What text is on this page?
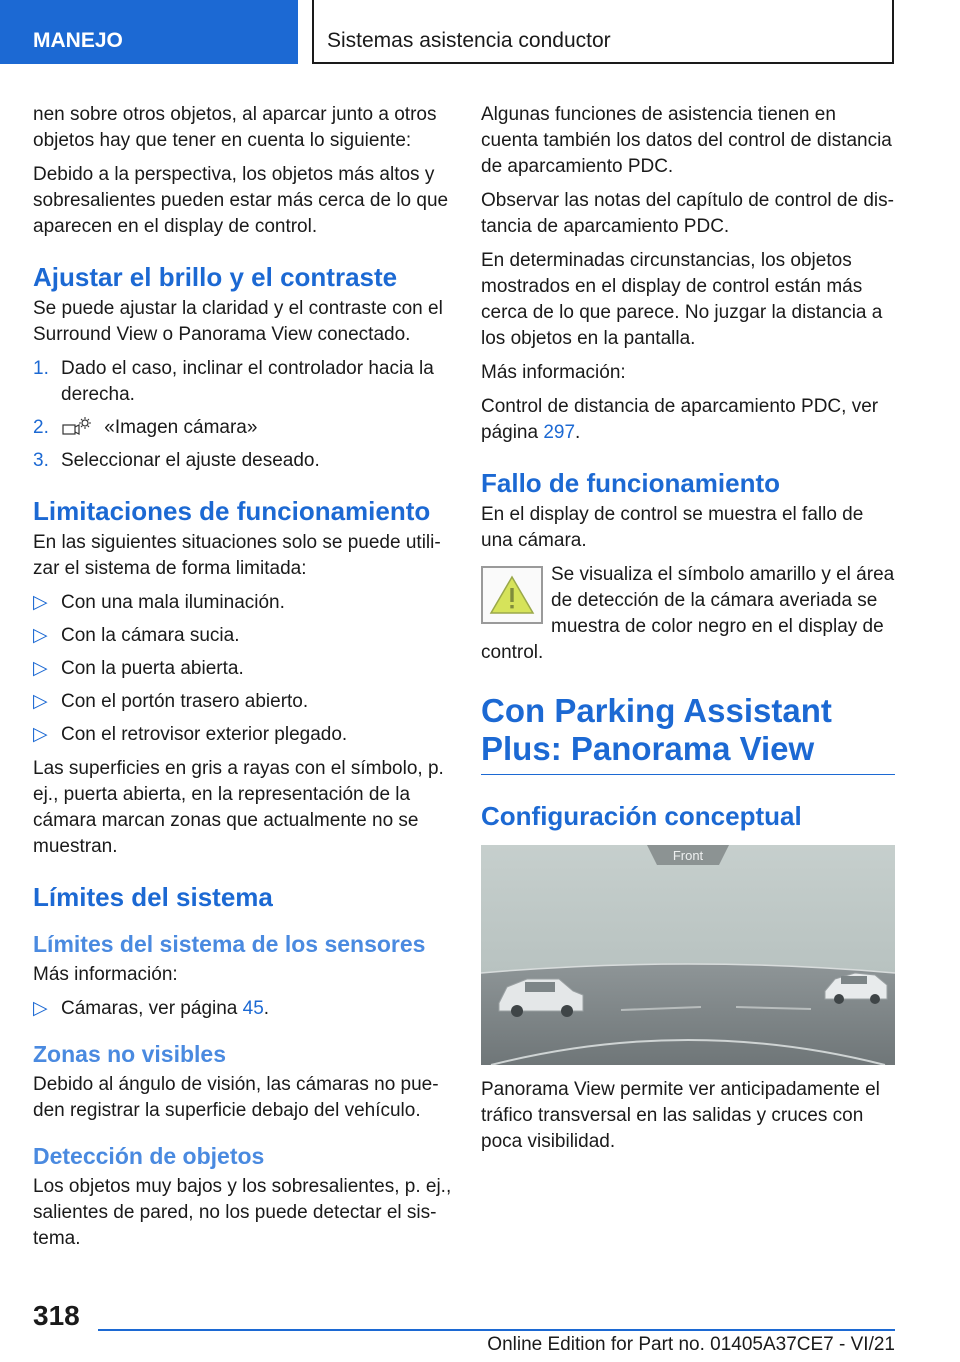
MANEJO	Sistemas asistencia conductor

nen sobre otros objetos, al aparcar junto a otros objetos hay que tener en cuenta lo siguiente:

Debido a la perspectiva, los objetos más altos y sobresalientes pueden estar más cerca de lo que aparecen en el display de control.

Ajustar el brillo y el contraste

Se puede ajustar la claridad y el contraste con el Surround View o Panorama View conectado.

1. Dado el caso, inclinar el controlador hacia la derecha.
2.	«Imagen cámara»
3. Seleccionar el ajuste deseado.
Limitaciones de funcionamiento

En las siguientes situaciones solo se puede utili‐zar el sistema de forma limitada:

▷ Con una mala iluminación.
▷ Con la cámara sucia.
▷ Con la puerta abierta.
▷ Con el portón trasero abierto.
▷ Con el retrovisor exterior plegado.

Las superficies en gris a rayas con el símbolo, p. ej., puerta abierta, en la representación de la cámara marcan zonas que actualmente no se muestran.

Límites del sistema
Límites del sistema de los sensores

Más información:

▷ Cámaras, ver página 45.
Zonas no visibles

Debido al ángulo de visión, las cámaras no pue‐den registrar la superficie debajo del vehículo.

Detección de objetos

Los objetos muy bajos y los sobresalientes, p. ej., salientes de pared, no los puede detectar el sis‐tema.

Algunas funciones de asistencia tienen en cuenta también los datos del control de distancia de aparcamiento PDC.

Observar las notas del capítulo de control de dis‐tancia de aparcamiento PDC.

En determinadas circunstancias, los objetos mostrados en el display de control están más cerca de lo que parece. No juzgar la distancia a los objetos en la pantalla.

Más información:

Control de distancia de aparcamiento PDC, ver página 297.

Fallo de funcionamiento

En el display de control se muestra el fallo de una cámara.

Se visualiza el símbolo amarillo y el área de detección de la cámara averiada se muestra de color negro en el display de control.
Con Parking Assistant Plus: Panorama View
Configuración conceptual
Front

Panorama View permite ver anticipadamente el tráfico transversal en las salidas y cruces con poca visibilidad.

318
Online Edition for Part no. 01405A37CE7 - VI/21
